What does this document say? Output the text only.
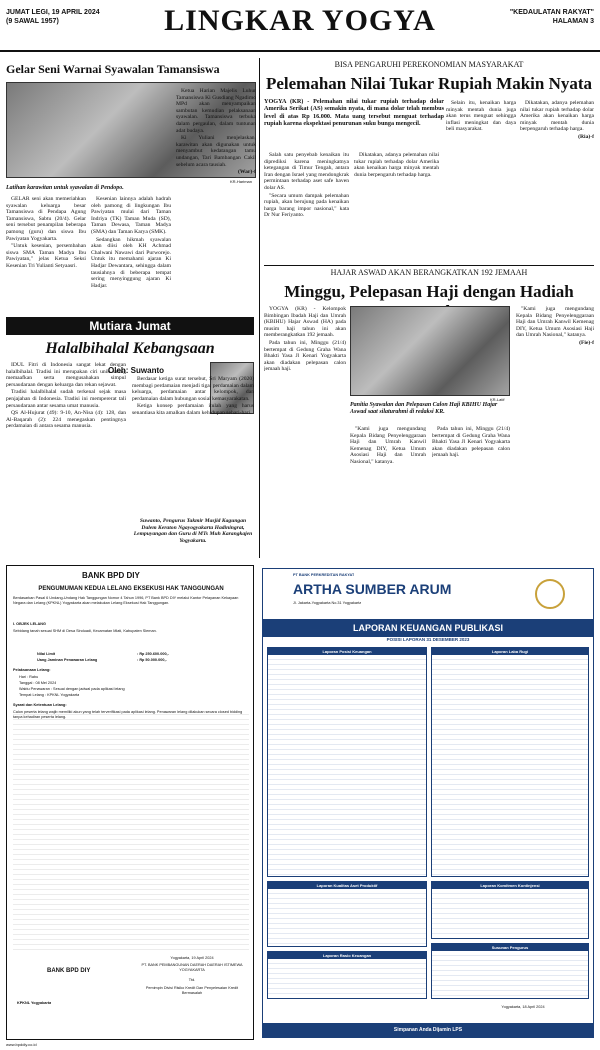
JUMAT LEGI, 19 APRIL 2024
(9 SAWAL 1957)	LINGKAR YOGYA	"KEDAULATAN RAKYAT"
HALAMAN 3
Gelar Seni Warnai Syawalan Tamansiswa
KR-Hariman
Latihan karawitan untuk syawalan di Pendopo.

GELAR seni akan memeriahkan syawalan keluarga besar Tamansiswa di Pendapa Agung Tamansiswa, Sabtu (20/4). Gelar seni tersebut penampilan beberapa pamong (guru) dan siswa Ibu Pawiyatan Yogyakarta.

"Untuk kesenian, persembahan siswa SMA Taman Madya Ibu Pawiyatan," jelas Ketua Seksi Kesenian Tri Yulianti Setyaasri.

Kesenian lainnya adalah hadrah oleh pamong di lingkungan Ibu Pawiyatan mulai dari Taman Indriya (TK) Taman Muda (SD), Taman Dewasa, Taman Madya (SMA) dan Taman Karya (SMK).

Sedangkan hikmah syawalan akan diisi oleh KH Achmad Chalwani Nawawi dari Purworejo. Untuk itu memahami ajaran Ki Hadjar Dewantara, sehingga dalam tausiahnya di beberapa tempat sering menyinggung ajaran Ki Hadjar.

Ketua Harian Majelis Luhur Tamansiswa Ki Gusdiang Ngadimo MPd akan menyampaikan sambutan kemudian pelaksanaan syawalan. Tamansiswa terbuka dalam pergaulan, dalam tuntunan adat budaya.

Ki Yuliani menjelaskan, karawitan akan digunakan untuk menyambut kedatangan tamu undangan, Tari Bambangan Cakil sebelum acara tausiah.

(War)-f

BISA PENGARUHI PEREKONOMIAN MASYARAKAT
Pelemahan Nilai Tukar Rupiah Makin Nyata
YOGYA (KR) - Pelemahan nilai tukar rupiah terhadap dolar Amerika Serikat (AS) semakin nyata, di mana dolar telah membus level di atas Rp 16.000. Mata uang tersebut menguat terhadap rupiah karena ekspektasi penurunan suku bunga mengecil.

Salah satu penyebab kenaikan itu diprediksi karena meningkatnya ketegangan di Timur Tengah, antara Iran dengan Israel yang mendongkrak permintaan terhadap aset safe haven dolar AS.

"Secara umum dampak pelemahan rupiah, akan berujung pada kenaikan harga barang impor nasional," kata Dr Nur Feriyanto.

Dikatakan, adanya pelemahan nilai tukar rupiah terhadap dolar Amerika akan kenaikan harga minyak mentah dunia berpengaruh terhadap harga.

Selain itu, kenaikan harga minyak mentah dunia juga akan terus menguat sehingga inflasi meningkat dan daya beli masyarakat.

Dikatakan, adanya pelemahan nilai tukar rupiah terhadap dolar Amerika akan kenaikan harga minyak mentah dunia berpengaruh terhadap harga.

(Ria)-f

HAJAR ASWAD AKAN BERANGKATKAN 192 JEMAAH
Minggu, Pelepasan Haji dengan Hadiah

YOGYA (KR) - Kelompok Bimbingan Ibadah Haji dan Umrah (KBIHU) Hajar Aswad (HA) pada musim haji tahun ini akan memberangkatkan 192 jemaah.

Pada tahun ini, Minggu (21/4) bertempat di Gedung Graha Wana Bhakti Yasa Jl Kenari Yogyakarta akan diadakan pelepasan calon jemaah haji.

KR-Latif
Panitia Syawalan dan Pelepasan Calon Haji KBIHU Hajar Aswad saat silaturahmi di redaksi KR.

"Kami juga mengundang Kepala Bidang Penyelenggaraan Haji dan Umrah Kanwil Kemenag DIY, Ketua Umum Asosiasi Haji dan Umrah Nasional," katanya.

Pada tahun ini, Minggu (21/4) bertempat di Gedung Graha Wana Bhakti Yasa Jl Kenari Yogyakarta akan diadakan pelepasan calon jemaah haji.

"Kami juga mengundang Kepala Bidang Penyelenggaraan Haji dan Umrah Kanwil Kemenag DIY, Ketua Umum Asosiasi Haji dan Umrah Nasional," katanya.

(Fie)-f

Mutiara Jumat
Halalbihalal Kebangsaan
Oleh: Suwanto

IDUL Fitri di Indonesia sangat lekat dengan halalbihalal. Tradisi ini merupakan ciri unik saling memaafkan serta mengusahakan simpul persaudaraan dengan keluarga dan rekan sejawat.

Tradisi halalbihalal sudah terkenal sejak masa penjajahan di Indonesia. Tradisi ini mempererat tali persaudaraan antar sesama umat manusia.

QS Al-Hujurat (49): 9-10, An-Nisa (4): 128, dan Al-Baqarah (2): 224 menegaskan pentingnya perdamaian di antara sesama manusia.

Berdasar ketiga surat tersebut, Sri Maryam (2020) membagi perdamaian menjadi tiga: perdamaian dalam keluarga, perdamaian antar kelompok, dan perdamaian dalam hubungan sosial kemasyarakatan.

Ketiga konsep perdamaian itulah yang harus senantiasa kita amalkan dalam kehidupan sehari-hari.

Suwanto, Pengurus Takmir Masjid Kagungan Dalem Keraton Ngayogyakarta Hadiningrat, Lempuyangan dan Guru di MTs Muh Karangkajen Yogyakarta.
BANK BPD DIY
PENGUMUMAN KEDUA LELANG EKSEKUSI HAK TANGGUNGAN
Berdasarkan Pasal 6 Undang-Undang Hak Tanggungan Nomor 4 Tahun 1996, PT Bank BPD DIY melalui Kantor Pelayanan Kekayaan Negara dan Lelang (KPKNL) Yogyakarta akan melakukan Lelang Eksekusi Hak Tanggungan.
I. OBJEK LELANG
Sebidang tanah sesuai SHM di Desa Sinduadi, Kecamatan Mlati, Kabupaten Sleman.
Nilai Limit	: Rp 250.600.000,-
Uang Jaminan Penawaran Lelang	: Rp 50.000.000,-
Pelaksanaan Lelang:
Hari : Rabu
Tanggal : 08 Mei 2024
Waktu Penawaran : Sesuai dengan jadwal pada aplikasi lelang
Tempat Lelang : KPKNL Yogyakarta
Syarat dan Ketentuan Lelang:
Calon peserta lelang wajib memiliki akun yang telah terverifikasi pada aplikasi lelang. Penawaran lelang dilakukan secara closed bidding tanpa kehadiran peserta lelang.
Yogyakarta, 19 April 2024
PT. BANK PEMBANGUNAN DAERAH DAERAH ISTIMEWA YOGYAKARTA
BANK BPD DIY
Ttd.
Pemimpin Divisi Risiko Kredit Dan Penyelesaian Kredit Bermasalah
KPKNL Yogyakarta
www.bpddiy.co.id
PT BANK PERKREDITAN RAKYAT
ARTHA SUMBER ARUM
Jl. Jakarta-Yogyakarta No.31 Yogyakarta
LAPORAN KEUANGAN PUBLIKASI
POSISI LAPORAN 31 DESEMBER 2023
Laporan Posisi Keuangan	Laporan Laba Rugi
Laporan Kualitas Aset Produktif	Laporan Komitmen Kontinjensi
Laporan Rasio Keuangan
Susunan Pengurus
Yogyakarta, 18 April 2024
Simpanan Anda Dijamin LPS
